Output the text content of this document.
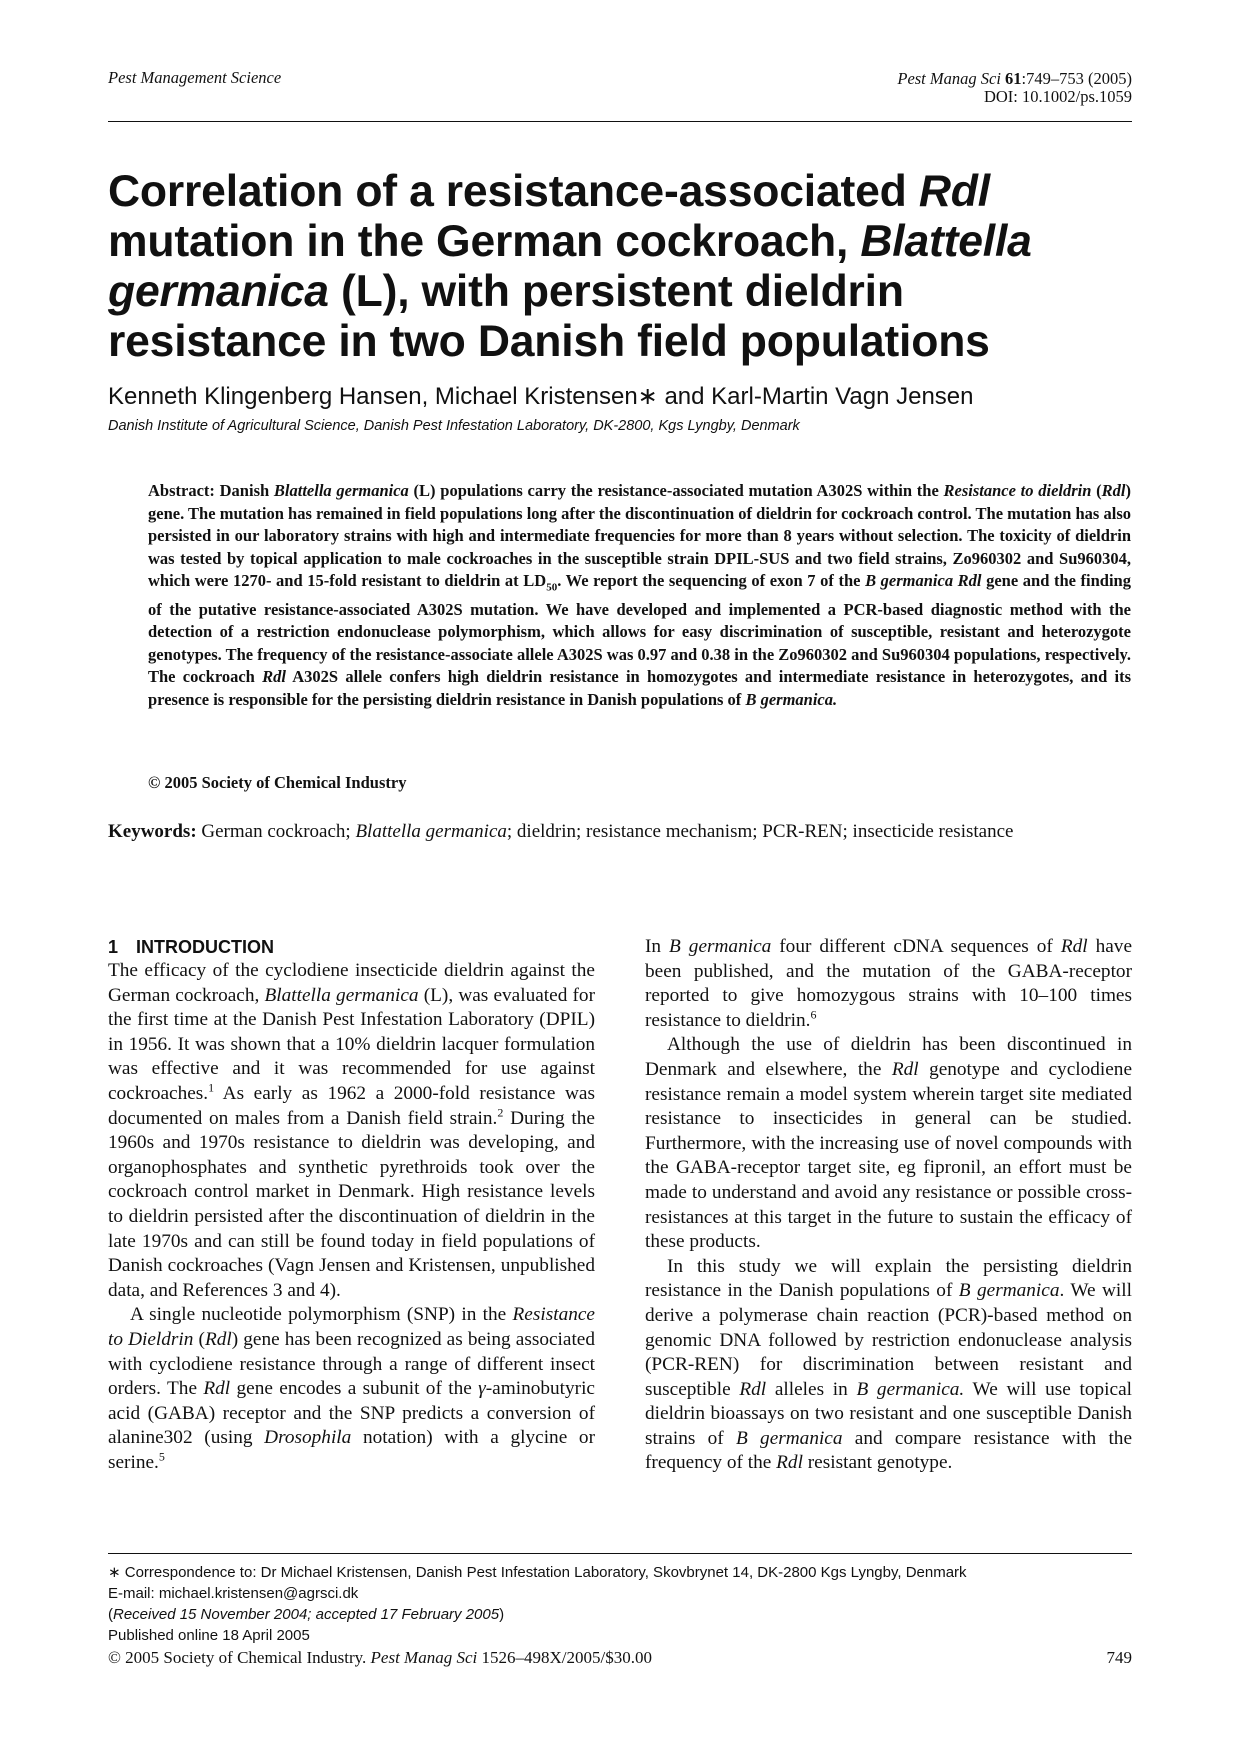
Pest Management Science	Pest Manag Sci 61:749–753 (2005)
DOI: 10.1002/ps.1059
Correlation of a resistance-associated Rdl mutation in the German cockroach, Blattella germanica (L), with persistent dieldrin resistance in two Danish field populations
Kenneth Klingenberg Hansen, Michael Kristensen∗ and Karl-Martin Vagn Jensen
Danish Institute of Agricultural Science, Danish Pest Infestation Laboratory, DK-2800, Kgs Lyngby, Denmark

Abstract: Danish Blattella germanica (L) populations carry the resistance-associated mutation A302S within the Resistance to dieldrin (Rdl) gene. The mutation has remained in field populations long after the discontinuation of dieldrin for cockroach control. The mutation has also persisted in our laboratory strains with high and intermediate frequencies for more than 8 years without selection. The toxicity of dieldrin was tested by topical application to male cockroaches in the susceptible strain DPIL-SUS and two field strains, Zo960302 and Su960304, which were 1270- and 15-fold resistant to dieldrin at $LD_{50}$. We report the sequencing of exon 7 of the B germanica Rdl gene and the finding of the putative resistance-associated A302S mutation. We have developed and implemented a PCR-based diagnostic method with the detection of a restriction endonuclease polymorphism, which allows for easy discrimination of susceptible, resistant and heterozygote genotypes. The frequency of the resistance-associate allele A302S was 0.97 and 0.38 in the Zo960302 and Su960304 populations, respectively. The cockroach Rdl A302S allele confers high dieldrin resistance in homozygotes and intermediate resistance in heterozygotes, and its presence is responsible for the persisting dieldrin resistance in Danish populations of B germanica.

© 2005 Society of Chemical Industry

Keywords: German cockroach; Blattella germanica; dieldrin; resistance mechanism; PCR-REN; insecticide resistance

1 INTRODUCTION

The efficacy of the cyclodiene insecticide dieldrin against the German cockroach, Blattella germanica (L), was evaluated for the first time at the Danish Pest Infestation Laboratory (DPIL) in 1956. It was shown that a 10% dieldrin lacquer formulation was effective and it was recommended for use against cockroaches.$^1$ As early as 1962 a 2000-fold resistance was documented on males from a Danish field strain.$^2$ During the 1960s and 1970s resistance to dieldrin was developing, and organophosphates and synthetic pyrethroids took over the cockroach control market in Denmark. High resistance levels to dieldrin persisted after the discontinuation of dieldrin in the late 1970s and can still be found today in field populations of Danish cockroaches (Vagn Jensen and Kristensen, unpublished data, and References 3 and 4).

A single nucleotide polymorphism (SNP) in the Resistance to Dieldrin (Rdl) gene has been recognized as being associated with cyclodiene resistance through a range of different insect orders. The Rdl gene encodes a subunit of the γ-aminobutyric acid (GABA) receptor and the SNP predicts a conversion of alanine302 (using Drosophila notation) with a glycine or serine.$^5$

In B germanica four different cDNA sequences of Rdl have been published, and the mutation of the GABA-receptor reported to give homozygous strains with 10–100 times resistance to dieldrin.$^6$

Although the use of dieldrin has been discontinued in Denmark and elsewhere, the Rdl genotype and cyclodiene resistance remain a model system wherein target site mediated resistance to insecticides in general can be studied. Furthermore, with the increasing use of novel compounds with the GABA-receptor target site, eg fipronil, an effort must be made to understand and avoid any resistance or possible cross-resistances at this target in the future to sustain the efficacy of these products.

In this study we will explain the persisting dieldrin resistance in the Danish populations of B germanica. We will derive a polymerase chain reaction (PCR)-based method on genomic DNA followed by restriction endonuclease analysis (PCR-REN) for discrimination between resistant and susceptible Rdl alleles in B germanica. We will use topical dieldrin bioassays on two resistant and one susceptible Danish strains of B germanica and compare resistance with the frequency of the Rdl resistant genotype.

∗ Correspondence to: Dr Michael Kristensen, Danish Pest Infestation Laboratory, Skovbrynet 14, DK-2800 Kgs Lyngby, Denmark
E-mail: michael.kristensen@agrsci.dk
(Received 15 November 2004; accepted 17 February 2005)
Published online 18 April 2005
© 2005 Society of Chemical Industry. Pest Manag Sci 1526–498X/2005/$30.00	749
